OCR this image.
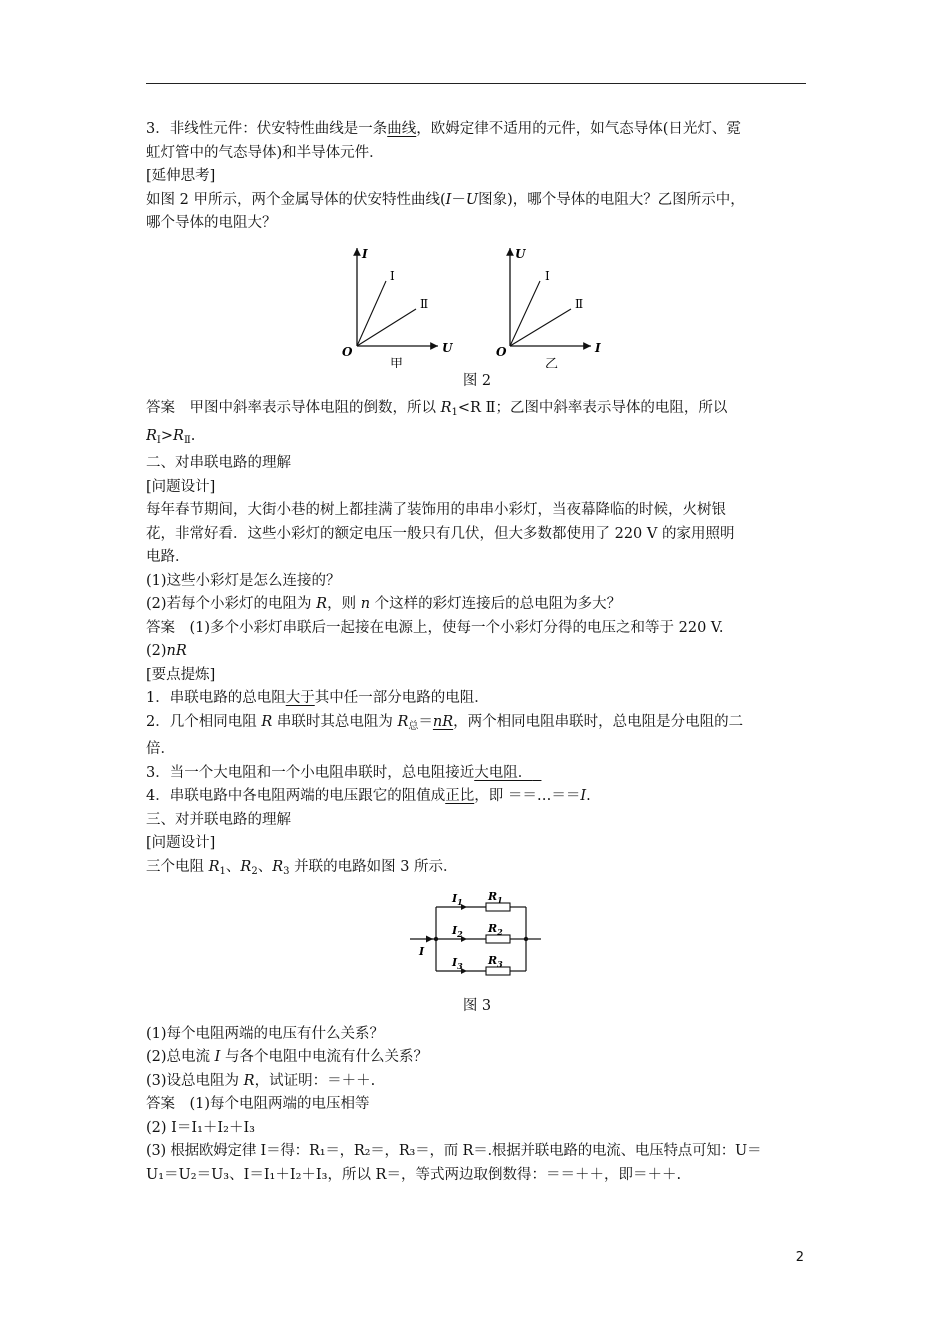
3．非线性元件：伏安特性曲线是一条曲线，欧姆定律不适用的元件，如气态导体(日光灯、霓

虹灯管中的气态导体)和半导体元件．

[延伸思考]

如图 2 甲所示，两个金属导体的伏安特性曲线(I－U图象)，哪个导体的电阻大？乙图所示中，

哪个导体的电阻大？

I
U
O
Ⅰ
Ⅱ
甲
U
I
O
Ⅰ
Ⅱ
乙

图 2

答案　甲图中斜率表示导体电阻的倒数，所以 $R_1<R$ Ⅱ；乙图中斜率表示导体的电阻，所以

$R_Ⅰ>R_Ⅱ$.

二、对串联电路的理解

[问题设计]

每年春节期间，大街小巷的树上都挂满了装饰用的串串小彩灯，当夜幕降临的时候，火树银

花，非常好看．这些小彩灯的额定电压一般只有几伏，但大多数都使用了 220 V 的家用照明

电路．

(1)这些小彩灯是怎么连接的？

(2)若每个小彩灯的电阻为 R，则 n 个这样的彩灯连接后的总电阻为多大？

答案　(1)多个小彩灯串联后一起接在电源上，使每一个小彩灯分得的电压之和等于 220 V.

(2)nR

[要点提炼]

1．串联电路的总电阻大于其中任一部分电路的电阻．

2．几个相同电阻 R 串联时其总电阻为 $R_总=nR$，两个相同电阻串联时，总电阻是分电阻的二

倍．

3．当一个大电阻和一个小电阻串联时，总电阻接近大电阻．

4．串联电路中各电阻两端的电压跟它的阻值成正比，即 ＝＝…＝＝I.

三、对并联电路的理解

[问题设计]

三个电阻 $R_1$、$R_2$、$R_3$ 并联的电路如图 3 所示．

$I_1$ $R_1$
$I_2$ $R_2$
$I_3$ $R_3$
I

图 3

(1)每个电阻两端的电压有什么关系？

(2)总电流 I 与各个电阻中电流有什么关系？

(3)设总电阻为 R，试证明：＝＋＋.

答案　(1)每个电阻两端的电压相等

(2) I＝I₁＋I₂＋I₃

(3) 根据欧姆定律 I＝得：R₁＝，R₂＝，R₃＝，而 R＝.根据并联电路的电流、电压特点可知：U＝

U₁＝U₂＝U₃、I＝I₁＋I₂＋I₃，所以 R＝，等式两边取倒数得：＝＝＋＋，即＝＋＋.

2
